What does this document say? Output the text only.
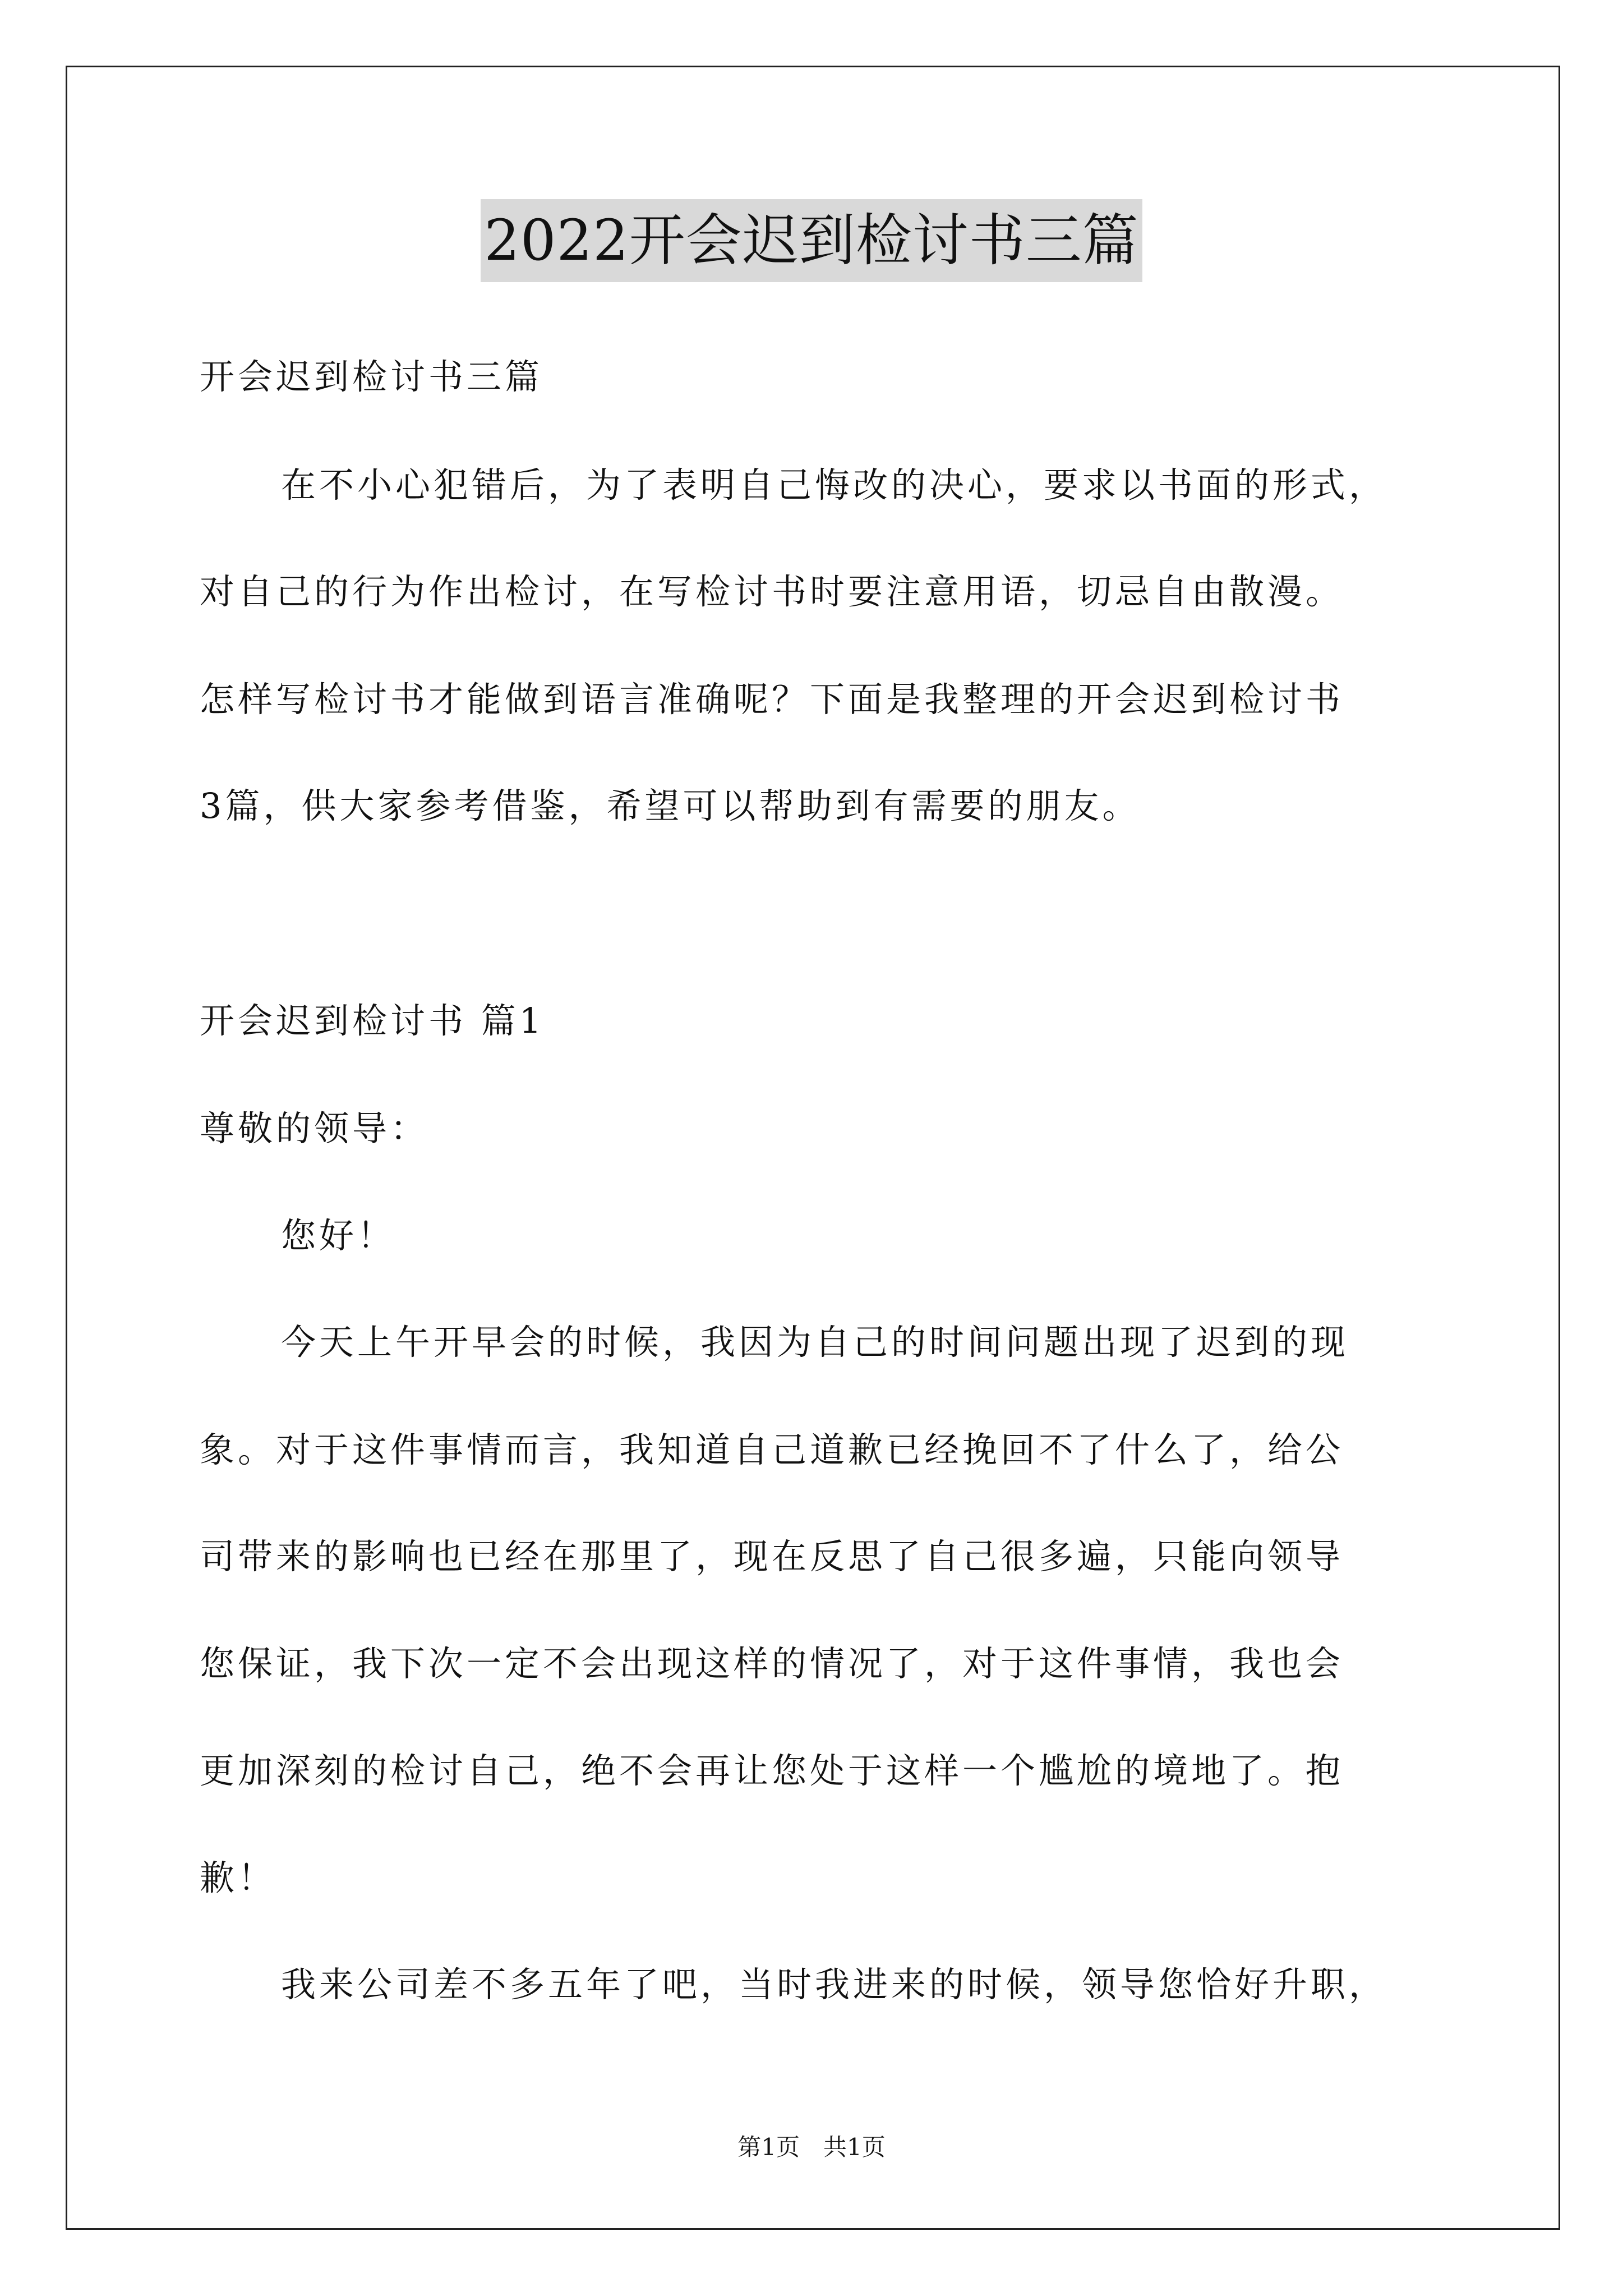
2022开会迟到检讨书三篇
开会迟到检讨书三篇
在不小心犯错后，为了表明自己悔改的决心，要求以书面的形式，
对自己的行为作出检讨，在写检讨书时要注意用语，切忌自由散漫。
怎样写检讨书才能做到语言准确呢？下面是我整理的开会迟到检讨书
3篇，供大家参考借鉴，希望可以帮助到有需要的朋友。
开会迟到检讨书 篇1
尊敬的领导：
您好！
今天上午开早会的时候，我因为自己的时间问题出现了迟到的现
象。对于这件事情而言，我知道自己道歉已经挽回不了什么了，给公
司带来的影响也已经在那里了，现在反思了自己很多遍，只能向领导
您保证，我下次一定不会出现这样的情况了，对于这件事情，我也会
更加深刻的检讨自己，绝不会再让您处于这样一个尴尬的境地了。抱
歉！
我来公司差不多五年了吧，当时我进来的时候，领导您恰好升职，
第1页　共1页
